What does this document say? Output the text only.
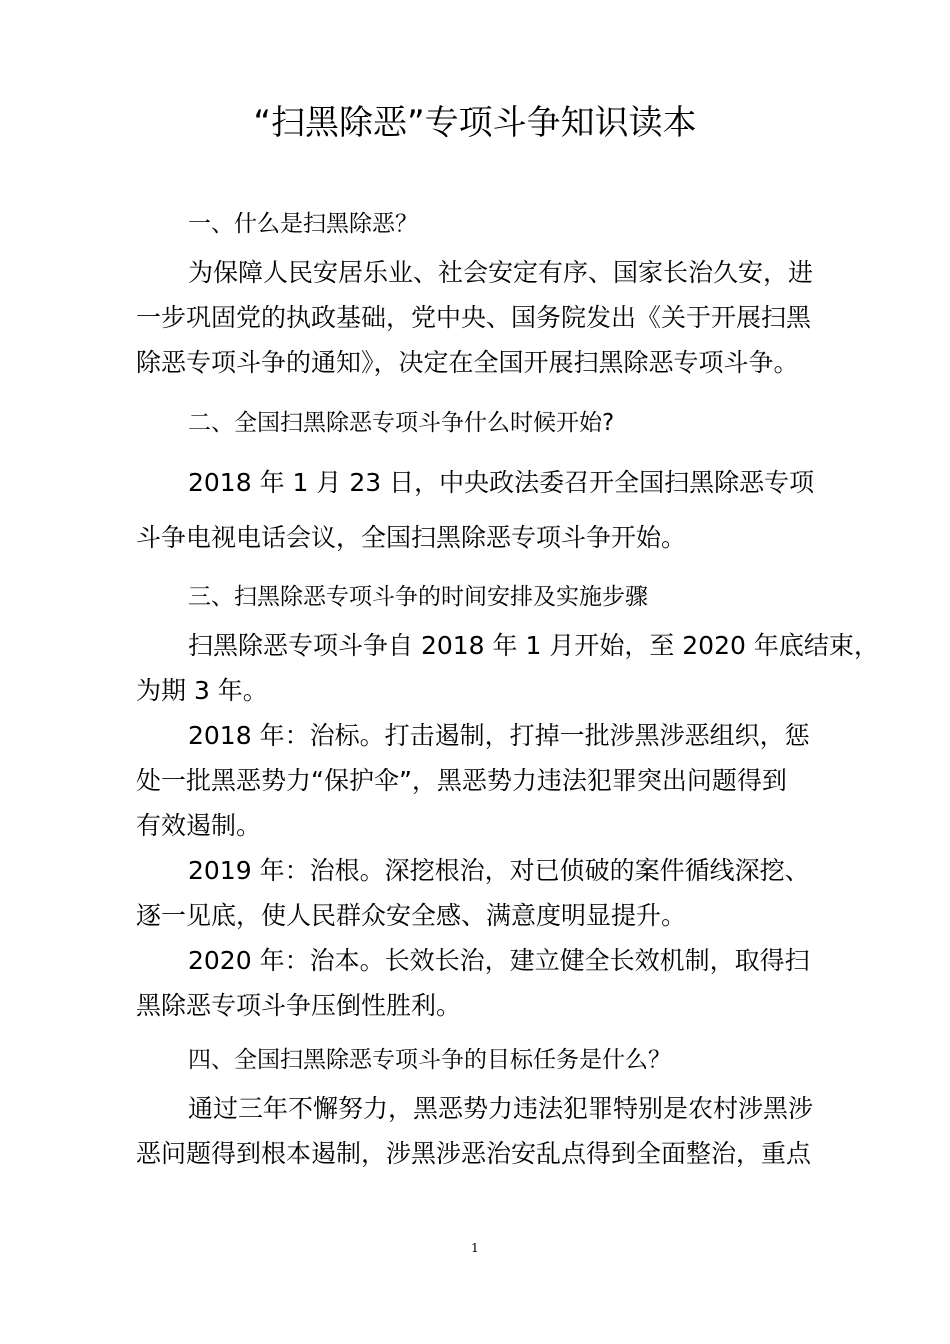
“扫黑除恶”专项斗争知识读本
一、什么是扫黑除恶？
为保障人民安居乐业、社会安定有序、国家长治久安，进
一步巩固党的执政基础，党中央、国务院发出《关于开展扫黑
除恶专项斗争的通知》，决定在全国开展扫黑除恶专项斗争。
二、全国扫黑除恶专项斗争什么时候开始?
2018 年 1 月 23 日，中央政法委召开全国扫黑除恶专项
斗争电视电话会议，全国扫黑除恶专项斗争开始。
三、扫黑除恶专项斗争的时间安排及实施步骤
扫黑除恶专项斗争自 2018 年 1 月开始，至 2020 年底结束，
为期 3 年。
2018 年：治标。打击遏制，打掉一批涉黑涉恶组织，惩
处一批黑恶势力“保护伞”，黑恶势力违法犯罪突出问题得到
有效遏制。
2019 年：治根。深挖根治，对已侦破的案件循线深挖、
逐一见底，使人民群众安全感、满意度明显提升。
2020 年：治本。长效长治，建立健全长效机制，取得扫
黑除恶专项斗争压倒性胜利。
四、全国扫黑除恶专项斗争的目标任务是什么？
通过三年不懈努力，黑恶势力违法犯罪特别是农村涉黑涉
恶问题得到根本遏制，涉黑涉恶治安乱点得到全面整治，重点
1
